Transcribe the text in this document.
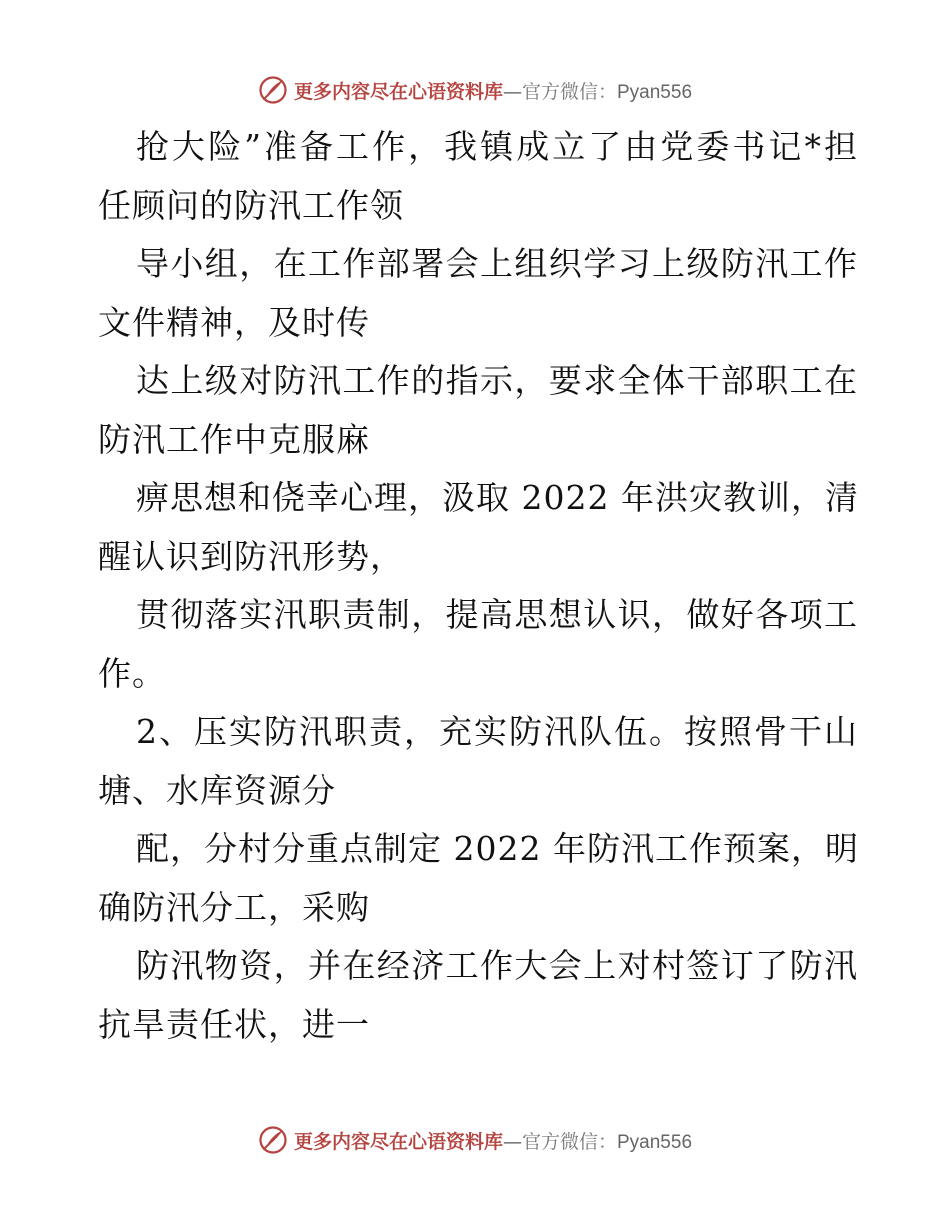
更多内容尽在心语资料库—官方微信：Pyan556
抢大险”准备工作，我镇成立了由党委书记*担
任顾问的防汛工作领
导小组，在工作部署会上组织学习上级防汛工作
文件精神，及时传
达上级对防汛工作的指示，要求全体干部职工在
防汛工作中克服麻
痹思想和侥幸心理，汲取 2022 年洪灾教训，清
醒认识到防汛形势，
贯彻落实汛职责制，提高思想认识，做好各项工
作。
2、压实防汛职责，充实防汛队伍。按照骨干山
塘、水库资源分
配，分村分重点制定 2022 年防汛工作预案，明
确防汛分工，采购
防汛物资，并在经济工作大会上对村签订了防汛
抗旱责任状，进一
更多内容尽在心语资料库—官方微信：Pyan556
